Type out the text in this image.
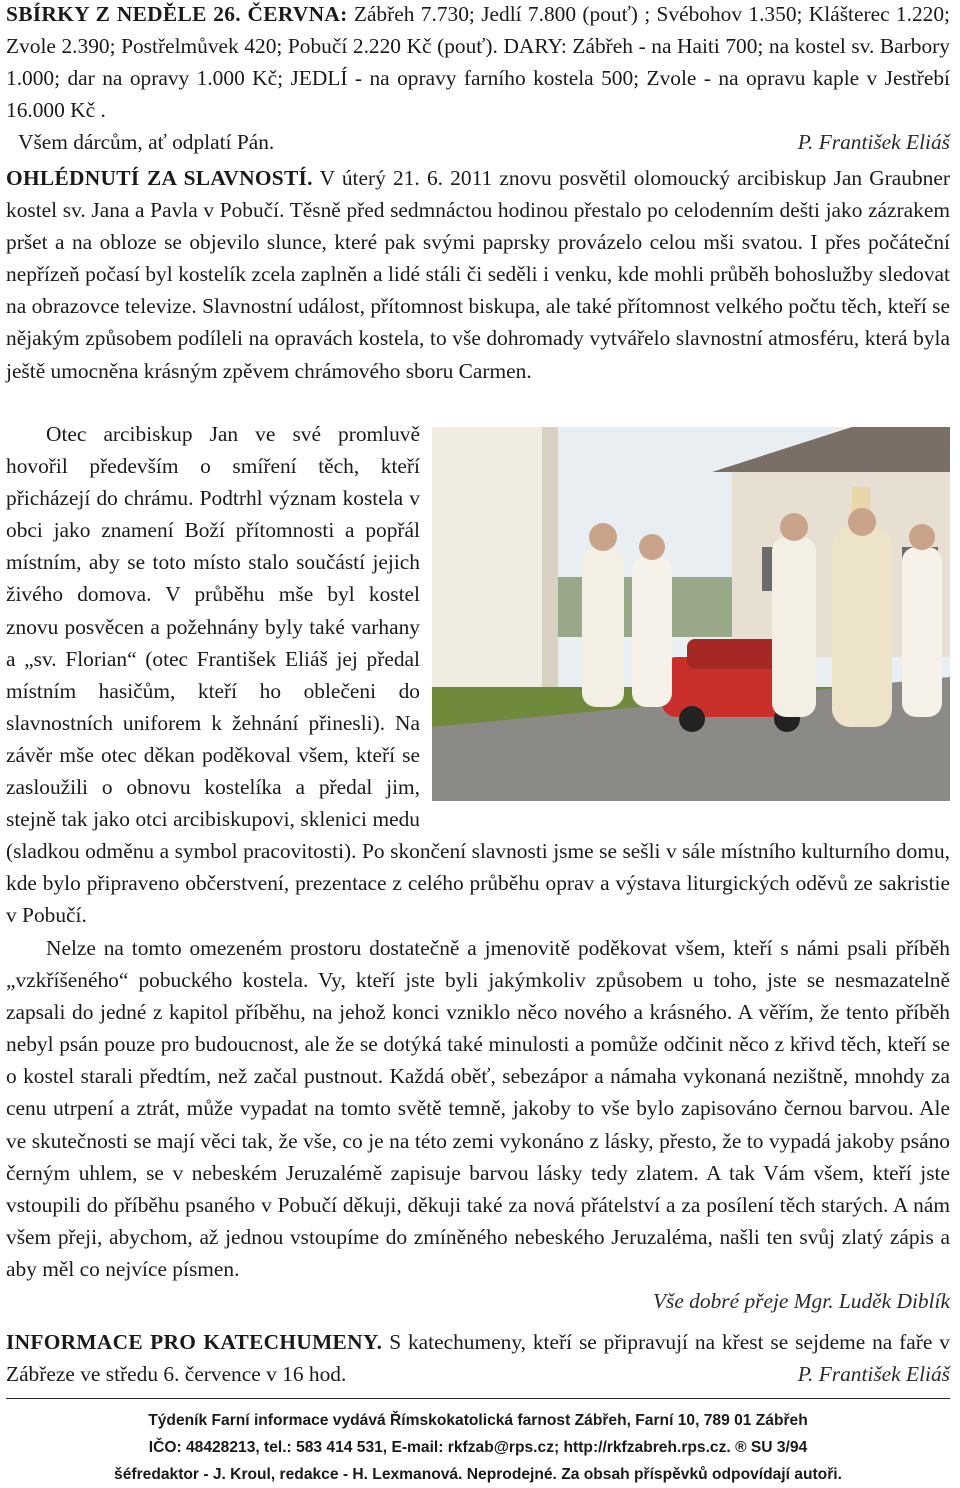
SBÍRKY Z NEDĚLE 26. ČERVNA: Zábřeh 7.730; Jedlí 7.800 (pouť) ; Svébohov 1.350; Klášterec 1.220; Zvole 2.390; Postřelmůvek 420; Pobučí 2.220 Kč (pouť). DARY: Zábřeh - na Haiti 700; na kostel sv. Barbory 1.000; dar na opravy 1.000 Kč; JEDLÍ - na opravy farního kostela 500; Zvole - na opravu kaple v Jestřebí 16.000 Kč .

Všem dárcům, ať odplatí Pán.	P. František Eliáš

OHLÉDNUTÍ ZA SLAVNOSTÍ. V úterý 21. 6. 2011 znovu posvětil olomoucký arcibiskup Jan Graubner kostel sv. Jana a Pavla v Pobučí. Těsně před sedmnáctou hodinou přestalo po celodenním dešti jako zázrakem pršet a na obloze se objevilo slunce, které pak svými paprsky provázelo celou mši svatou. I přes počáteční nepřízeň počasí byl kostelík zcela zaplněn a lidé stáli či seděli i venku, kde mohli průběh bohoslužby sledovat na obrazovce televize. Slavnostní událost, přítomnost biskupa, ale také přítomnost velkého počtu těch, kteří se nějakým způsobem podíleli na opravách kostela, to vše dohromady vytvářelo slavnostní atmosféru, která byla ještě umocněna krásným zpěvem chrámového sboru Carmen.

Otec arcibiskup Jan ve své promluvě hovořil především o smíření těch, kteří přicházejí do chrámu. Podtrhl význam kostela v obci jako znamení Boží přítomnosti a popřál místním, aby se toto místo stalo součástí jejich živého domova. V průběhu mše byl kostel znovu posvěcen a požehnány byly také varhany a „sv. Florian“ (otec František Eliáš jej předal místním hasičům, kteří ho oblečeni do slavnostních uniforem k žehnání přinesli). Na závěr mše otec děkan poděkoval všem, kteří se zasloužili o obnovu kostelíka a předal jim, stejně tak jako otci arcibiskupovi, sklenici medu (sladkou odměnu a symbol pracovitosti). Po skončení slavnosti jsme se sešli v sále místního kulturního domu, kde bylo připraveno občerstvení, prezentace z celého průběhu oprav a výstava liturgických oděvů ze sakristie v Pobučí.

Nelze na tomto omezeném prostoru dostatečně a jmenovitě poděkovat všem, kteří s námi psali příběh „vzkříšeného“ pobuckého kostela. Vy, kteří jste byli jakýmkoliv způsobem u toho, jste se nesmazatelně zapsali do jedné z kapitol příběhu, na jehož konci vzniklo něco nového a krásného. A věřím, že tento příběh nebyl psán pouze pro budoucnost, ale že se dotýká také minulosti a pomůže odčinit něco z křivd těch, kteří se o kostel starali předtím, než začal pustnout. Každá oběť, sebezápor a námaha vykonaná nezištně, mnohdy za cenu utrpení a ztrát, může vypadat na tomto světě temně, jakoby to vše bylo zapisováno černou barvou. Ale ve skutečnosti se mají věci tak, že vše, co je na této zemi vykonáno z lásky, přesto, že to vypadá jakoby psáno černým uhlem, se v nebeském Jeruzalémě zapisuje barvou lásky tedy zlatem. A tak Vám všem, kteří jste vstoupili do příběhu psaného v Pobučí děkuji, děkuji také za nová přátelství a za posílení těch starých. A nám všem přeji, abychom, až jednou vstoupíme do zmíněného nebeského Jeruzaléma, našli ten svůj zlatý zápis a aby měl co nejvíce písmen.

Vše dobré přeje Mgr. Luděk Diblík

INFORMACE PRO KATECHUMENY. S katechumeny, kteří se připravují na křest se sejdeme na faře v Zábřeze ve středu 6. července v 16 hod.	P. František Eliáš

Týdeník Farní informace vydává Římskokatolická farnost Zábřeh, Farní 10, 789 01 Zábřeh
IČO: 48428213, tel.: 583 414 531, E-mail: rkfzab@rps.cz; http://rkfzabreh.rps.cz. ® SU 3/94
šéfredaktor - J. Kroul, redakce - H. Lexmanová. Neprodejné. Za obsah příspěvků odpovídají autoři.
